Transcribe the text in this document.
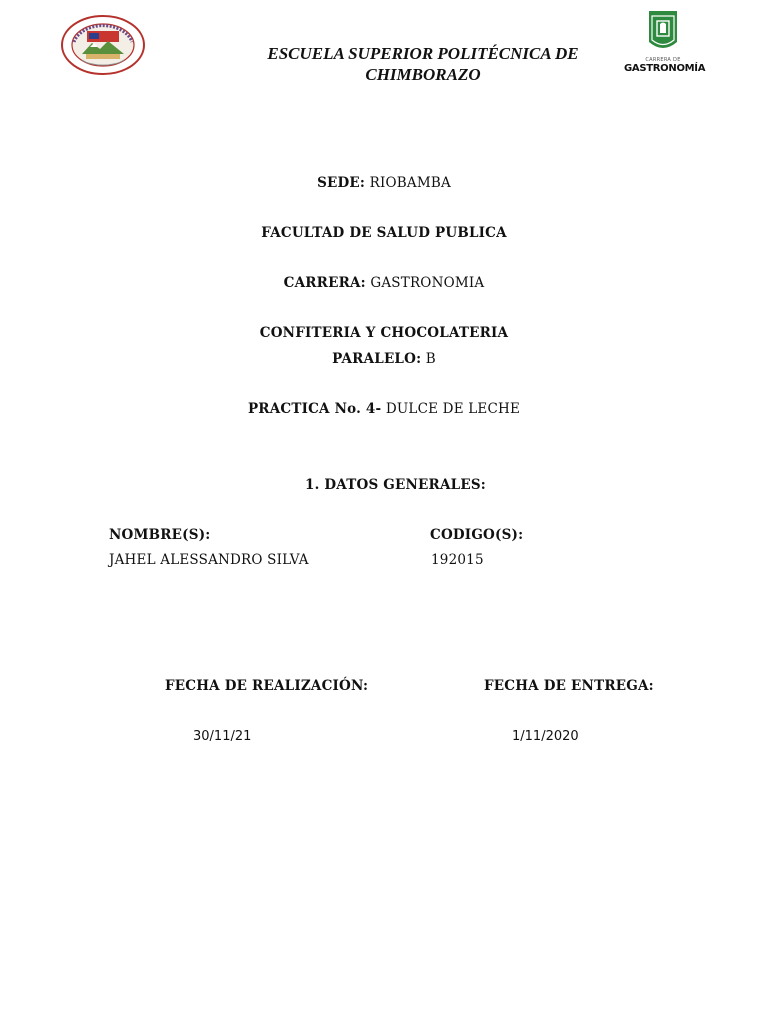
ESCUELA SUPERIOR POLITÉCNICA DE
CHIMBORAZO
CARRERA DE
GASTRONOMÍA
SEDE: RIOBAMBA
FACULTAD DE SALUD PUBLICA
CARRERA: GASTRONOMIA
CONFITERIA Y CHOCOLATERIA
PARALELO: B
PRACTICA No. 4- DULCE DE LECHE
1. DATOS GENERALES:
NOMBRE(S):	CODIGO(S):
JAHEL ALESSANDRO SILVA	192015
FECHA DE REALIZACIÓN:	FECHA DE ENTREGA:
30/11/21	1/11/2020
